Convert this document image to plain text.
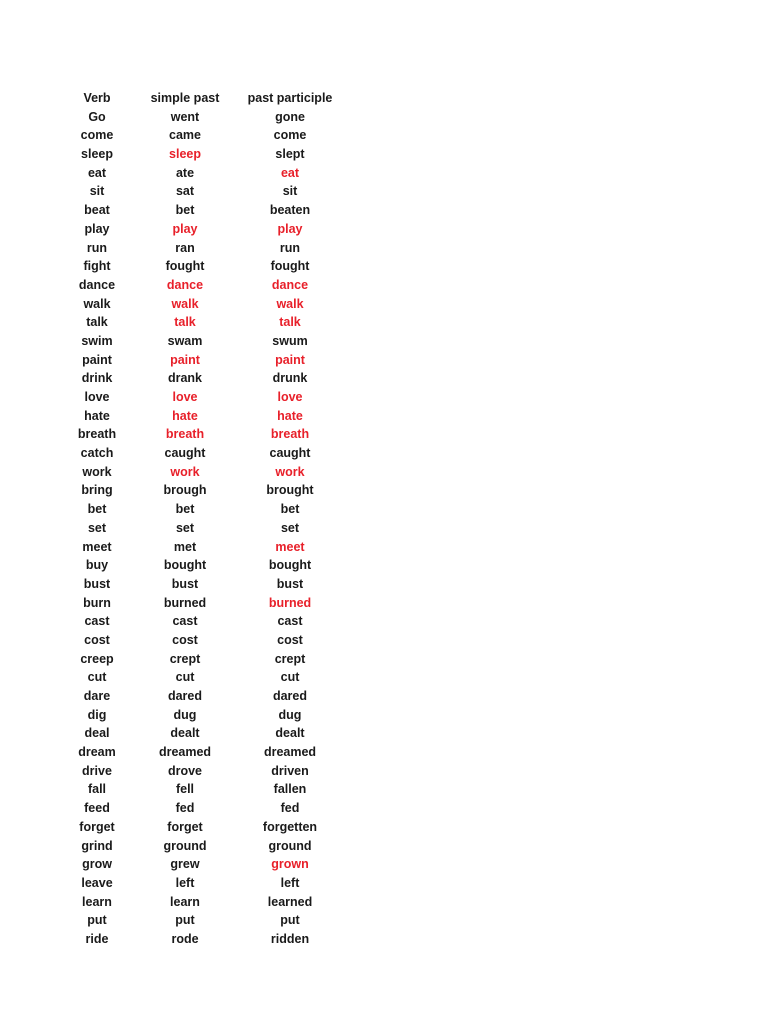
Verb	simple past	past participle
Go	went	gone
come	came	come
sleep	sleep	slept
eat	ate	eat
sit	sat	sit
beat	bet	beaten
play	play	play
run	ran	run
fight	fought	fought
dance	dance	dance
walk	walk	walk
talk	talk	talk
swim	swam	swum
paint	paint	paint
drink	drank	drunk
love	love	love
hate	hate	hate
breath	breath	breath
catch	caught	caught
work	work	work
bring	brough	brought
bet	bet	bet
set	set	set
meet	met	meet
buy	bought	bought
bust	bust	bust
burn	burned	burned
cast	cast	cast
cost	cost	cost
creep	crept	crept
cut	cut	cut
dare	dared	dared
dig	dug	dug
deal	dealt	dealt
dream	dreamed	dreamed
drive	drove	driven
fall	fell	fallen
feed	fed	fed
forget	forget	forgetten
grind	ground	ground
grow	grew	grown
leave	left	left
learn	learn	learned
put	put	put
ride	rode	ridden
